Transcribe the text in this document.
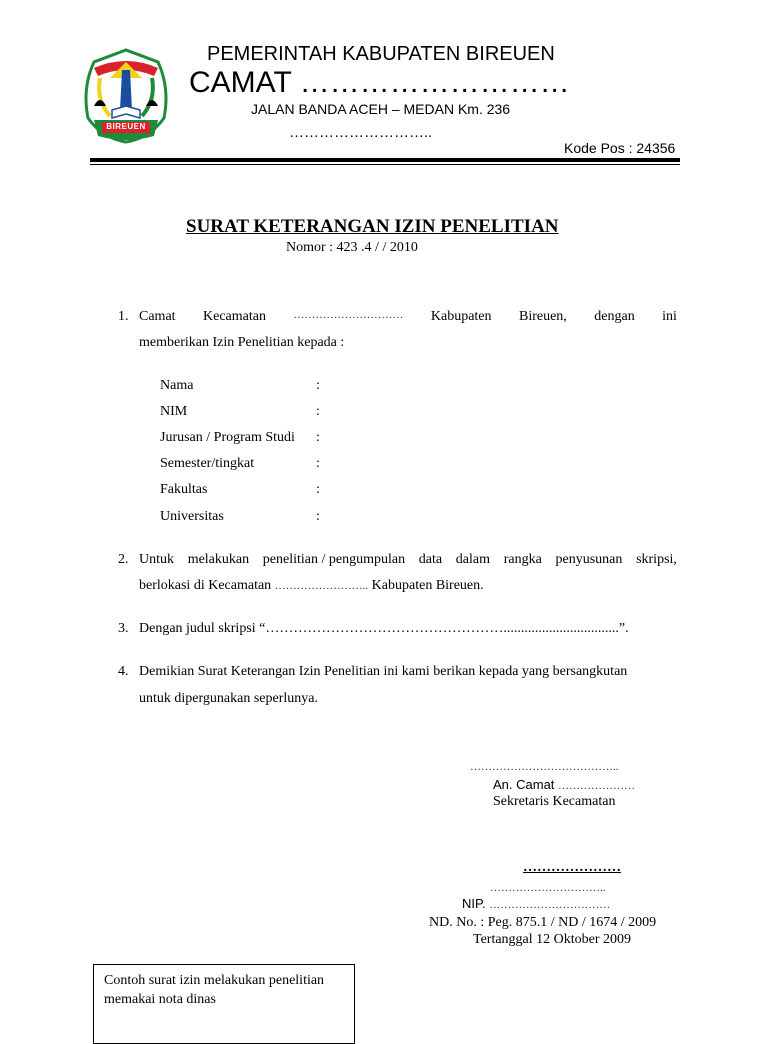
BIREUEN
PEMERINTAH KABUPATEN BIREUEN
CAMAT ………………………
JALAN BANDA ACEH – MEDAN Km. 236
………………………..
Kode Pos : 24356
SURAT KETERANGAN IZIN PENELITIAN
Nomor : 423 .4 / / 2010
1. Camat Kecamatan ………………………… Kabupaten Bireuen, dengan ini
memberikan Izin Penelitian kepada :
Nama	:
NIM	:
Jurusan / Program Studi :
Semester/tingkat	:
Fakultas	:
Universitas	:
2. Untuk melakukan penelitian / pengumpulan data dalam rangka penyusunan skripsi,
berlokasi di Kecamatan …………………….. Kabupaten Bireuen.
3. Dengan judul skripsi “…………………………………………….................................”.
4. Demikian Surat Keterangan Izin Penelitian ini kami berikan kepada yang bersangkutan
untuk dipergunakan seperlunya.
…………………………………..
An. Camat …………………
Sekretaris Kecamatan
…………………
…………………………..
NIP. ……………………………
ND. No. : Peg. 875.1 / ND / 1674 / 2009
Tertanggal 12 Oktober 2009
Contoh surat izin melakukan penelitian
memakai nota dinas
